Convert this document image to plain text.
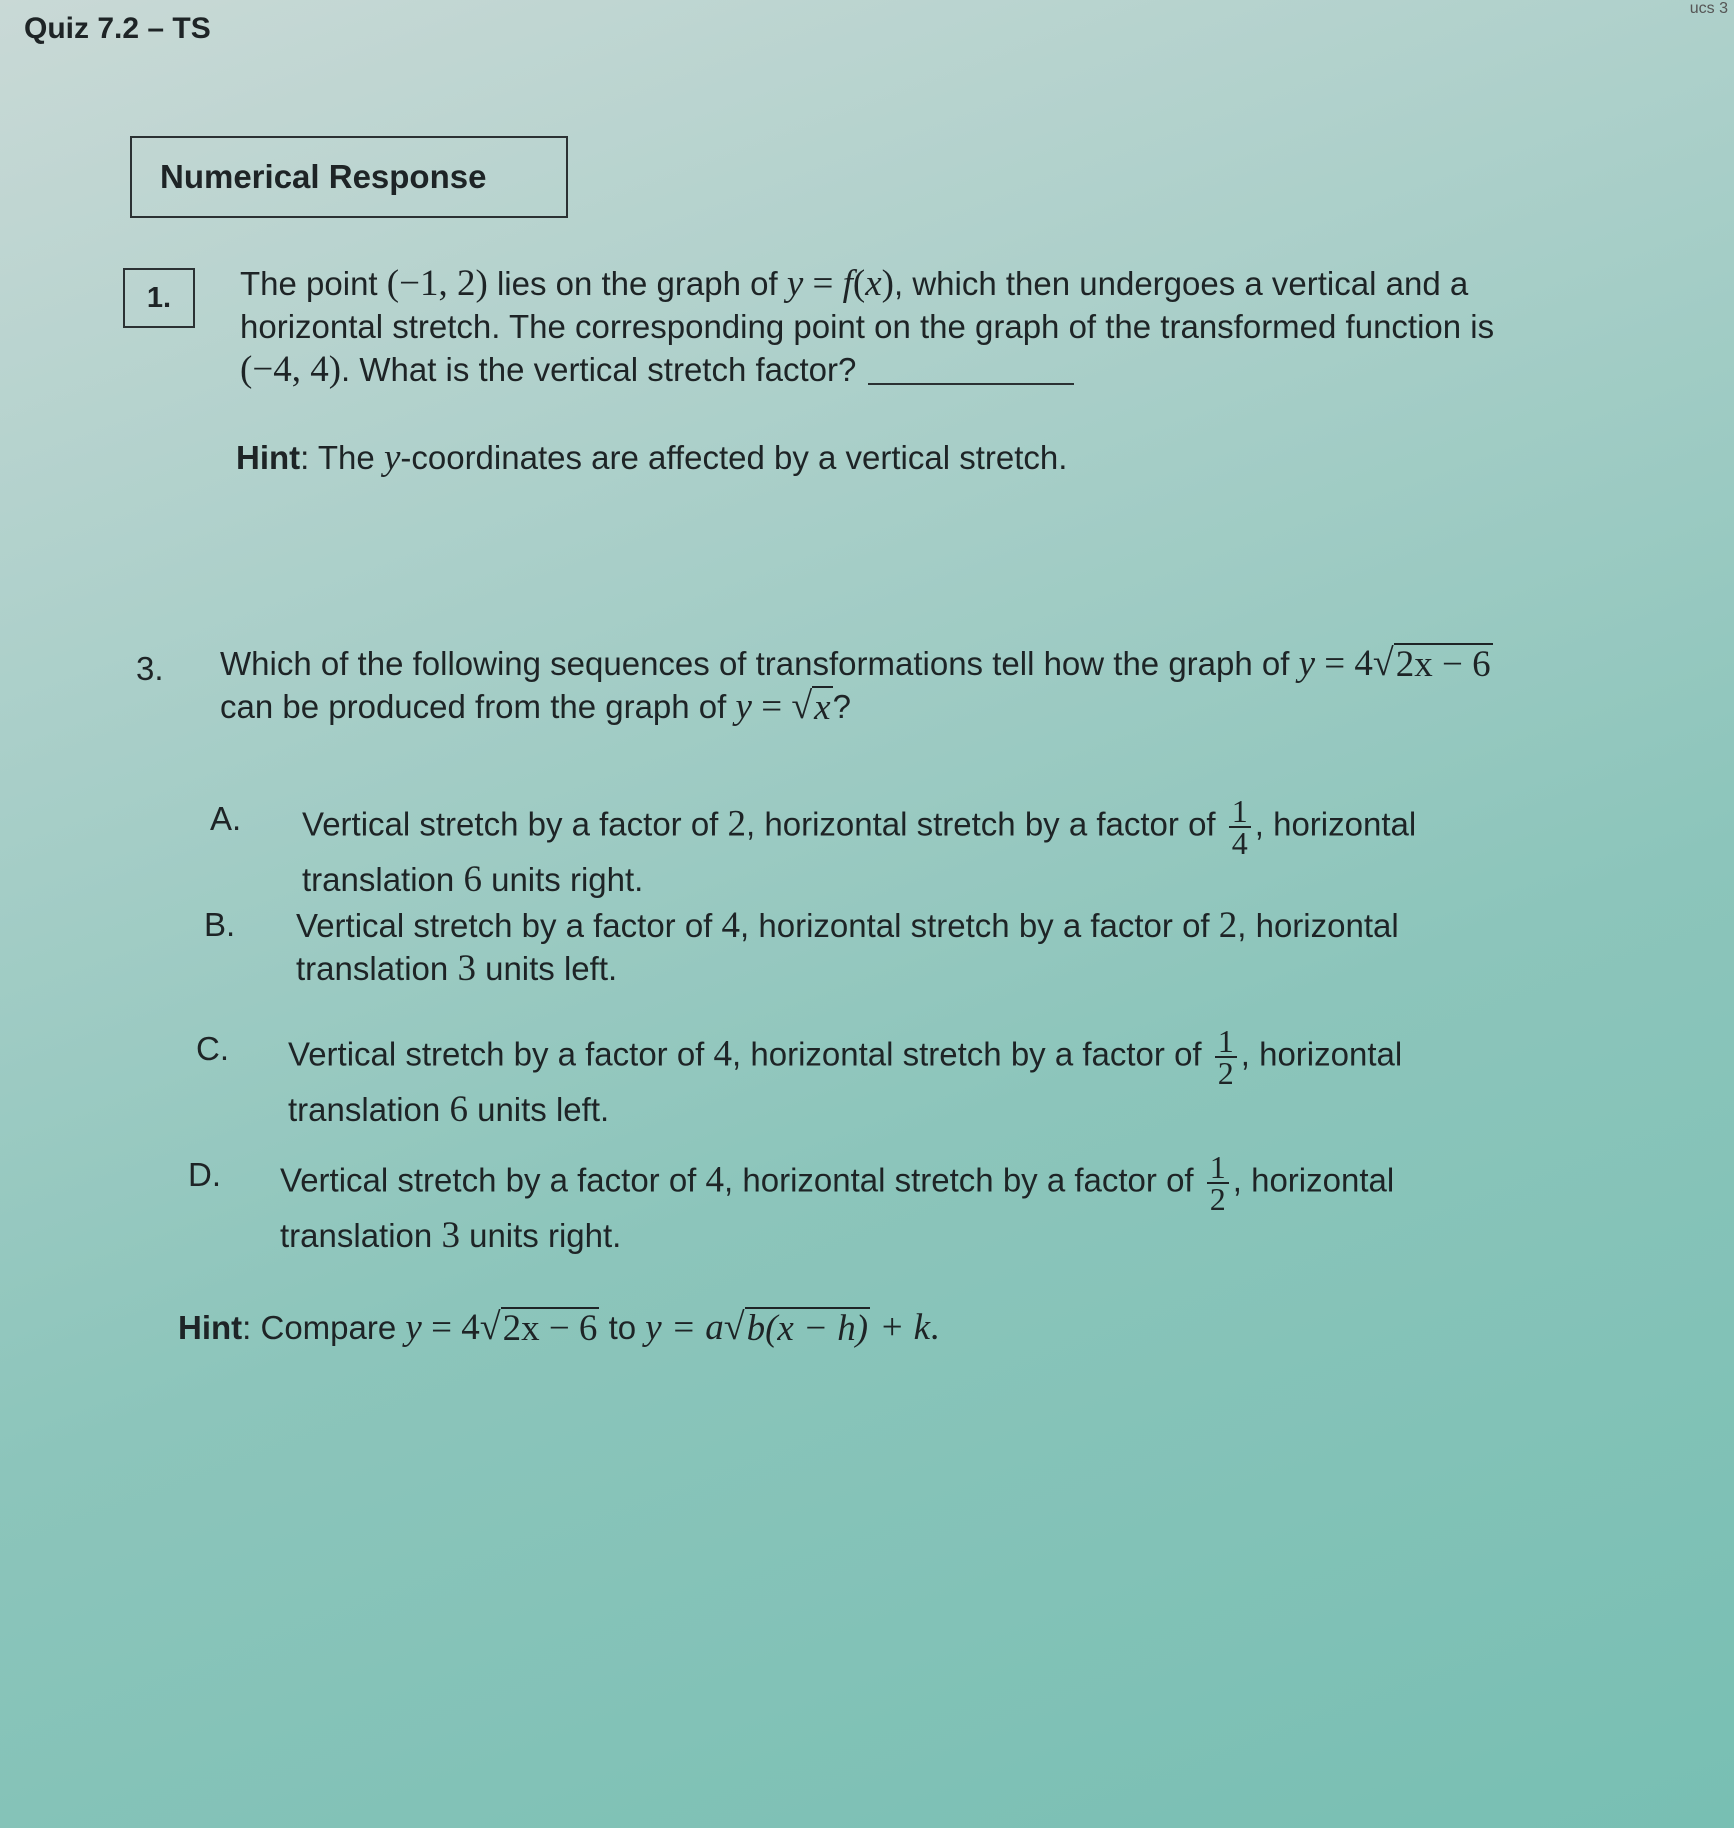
ucs 3
Quiz 7.2 – TS
Numerical Response
1. The point (−1, 2) lies on the graph of y = f(x), which then undergoes a vertical and a
horizontal stretch. The corresponding point on the graph of the transformed function is
(−4, 4). What is the vertical stretch factor?
Hint: The y-coordinates are affected by a vertical stretch.
3. Which of the following sequences of transformations tell how the graph of y = 4 √ 2x − 6
can be produced from the graph of y = √ x ?
A. Vertical stretch by a factor of 2, horizontal stretch by a factor of $\frac{1}{4}$ , horizontal
translation 6 units right.
B. Vertical stretch by a factor of 4, horizontal stretch by a factor of 2, horizontal
translation 3 units left.
C. Vertical stretch by a factor of 4, horizontal stretch by a factor of $\frac{1}{2}$ , horizontal
translation 6 units left.
D. Vertical stretch by a factor of 4, horizontal stretch by a factor of $\frac{1}{2}$ , horizontal
translation 3 units right.
Hint: Compare y = 4 √ 2x − 6 to y = a √ b(x − h) + k.
